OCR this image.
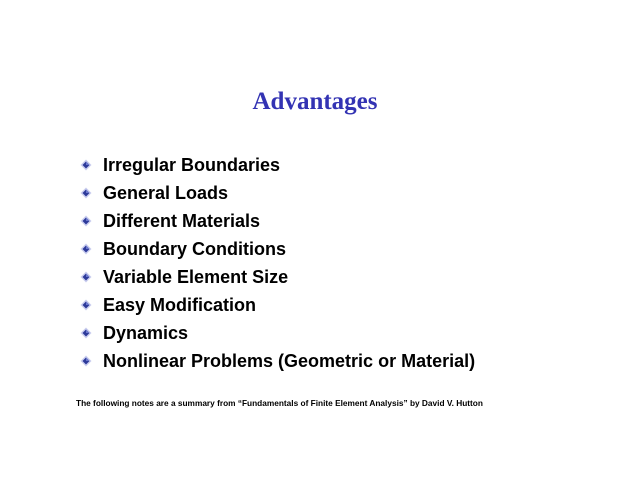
Advantages
Irregular Boundaries
General Loads
Different Materials
Boundary Conditions
Variable Element Size
Easy Modification
Dynamics
Nonlinear Problems (Geometric or Material)
The following notes are a summary from “Fundamentals of Finite Element Analysis” by David V. Hutton
